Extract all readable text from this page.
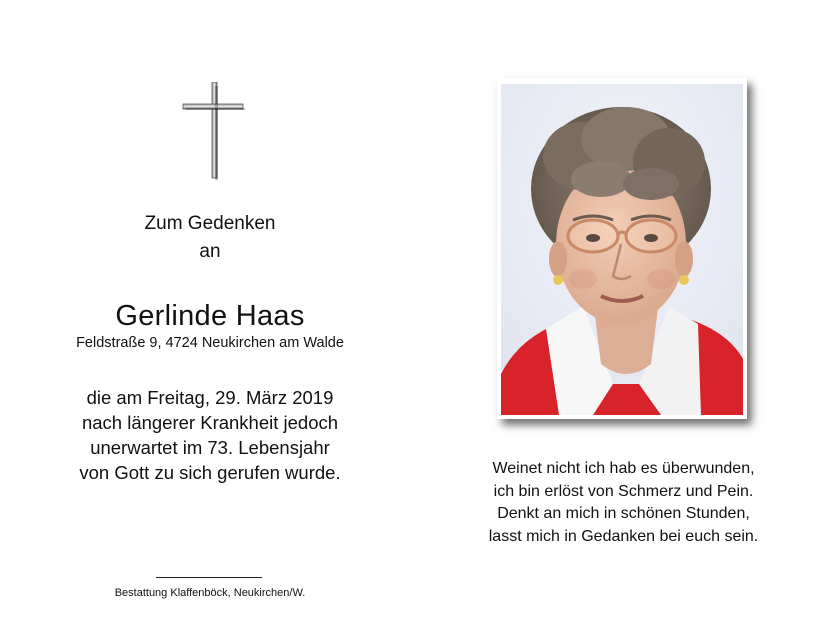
Zum Gedenken
an
Gerlinde Haas
Feldstraße 9, 4724 Neukirchen am Walde
die am Freitag, 29. März 2019
nach längerer Krankheit jedoch
unerwartet im 73. Lebensjahr
von Gott zu sich gerufen wurde.
Bestattung Klaffenböck, Neukirchen/W.
Weinet nicht ich hab es überwunden,
ich bin erlöst von Schmerz und Pein.
Denkt an mich in schönen Stunden,
lasst mich in Gedanken bei euch sein.
